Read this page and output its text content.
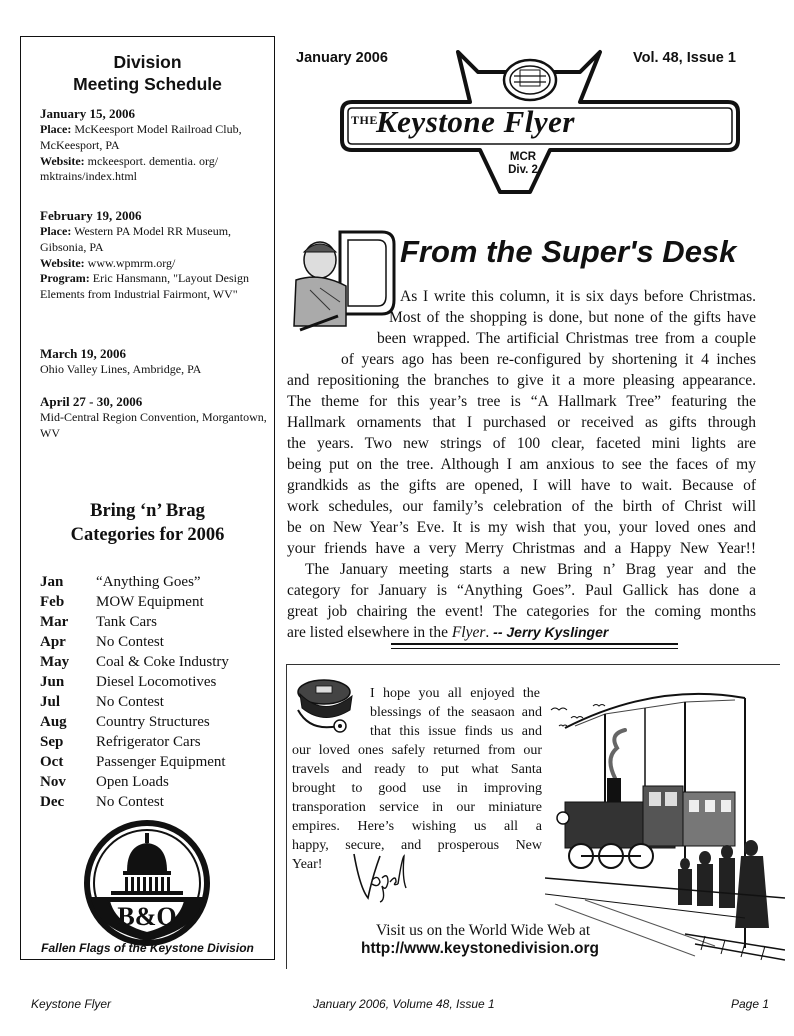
Division
Meeting Schedule
January 15, 2006
Place: McKeesport Model Railroad Club, McKeesport, PA
Website: mckeesport. dementia. org/ mktrains/index.html
February 19, 2006
Place: Western PA Model RR Museum, Gibsonia, PA
Website: www.wpmrm.org/
Program: Eric Hansmann, "Layout Design Elements from Industrial Fairmont, WV"
March 19, 2006
Ohio Valley Lines, Ambridge, PA
April 27 - 30, 2006
Mid-Central Region Convention, Morgantown, WV
Bring ‘n’ Brag
Categories for 2006
Jan “Anything Goes”
Feb MOW Equipment
Mar Tank Cars
Apr No Contest
May Coal & Coke Industry
Jun Diesel Locomotives
Jul No Contest
Aug Country Structures
Sep Refrigerator Cars
Oct Passenger Equipment
Nov Open Loads
Dec No Contest
B&O
Fallen Flags of the Keystone Division
January 2006	Vol. 48, Issue 1
THE
Keystone Flyer
MCR
Div. 2
From the Super's Desk
As I write this column, it is six days before Christmas.
Most of the shopping is done, but none of the gifts have
been wrapped. The artificial Christmas tree from a couple
of years ago has been re-configured by shortening it 4 inches
and repositioning the branches to give it a more pleasing appearance.
The theme for this year’s tree is “A Hallmark Tree” featuring the
Hallmark ornaments that I purchased or received as gifts through
the years. Two new strings of 100 clear, faceted mini lights are
being put on the tree. Although I am anxious to see the faces of my
grandkids as the gifts are opened, I will have to wait. Because of
work schedules, our family’s celebration of the birth of Christ will
be on New Year’s Eve. It is my wish that you, your loved ones and
your friends have a very Merry Christmas and a Happy New Year!!
The January meeting starts a new Bring n’ Brag year and the
category for January is “Anything Goes”. Paul Gallick has done a
great job chairing the event! The categories for the coming months
are listed elsewhere in the Flyer. -- Jerry Kyslinger
I hope you all enjoyed the
blessings of the seasaon and
that this issue finds us and
our loved ones safely returned from our
travels and ready to put what Santa
brought to good use in improving
transporation service in our miniature
empires. Here’s wishing us all a
happy, secure, and prosperous New
Year!
Visit us on the World Wide Web at
http://www.keystonedivision.org
Keystone Flyer	January 2006, Volume 48, Issue 1	Page 1
